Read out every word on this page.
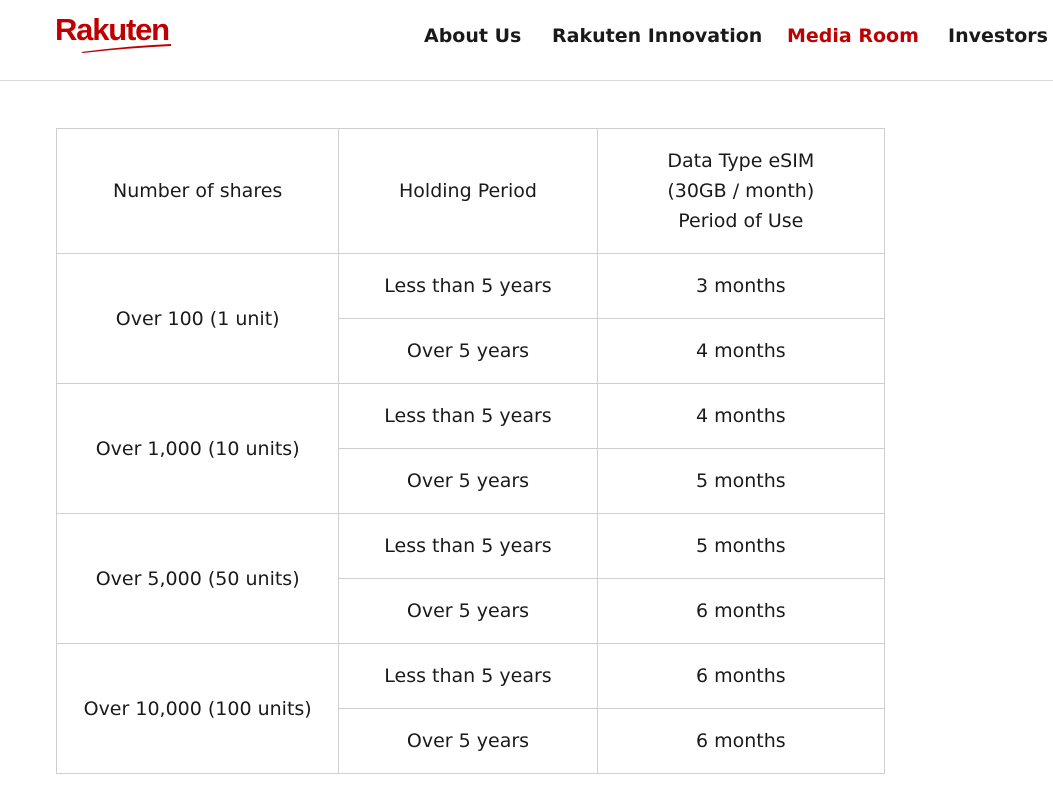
Rakuten	About Us Rakuten Innovation Media Room Investors
Number of shares	Holding Period	Data Type eSIM
(30GB / month)
Period of Use

Over 100 (1 unit)	Less than 5 years	3 months
	Over 5 years	4 months
Over 1,000 (10 units)	Less than 5 years	4 months
	Over 5 years	5 months
Over 5,000 (50 units)	Less than 5 years	5 months
	Over 5 years	6 months
Over 10,000 (100 units)	Less than 5 years	6 months
	Over 5 years	6 months
